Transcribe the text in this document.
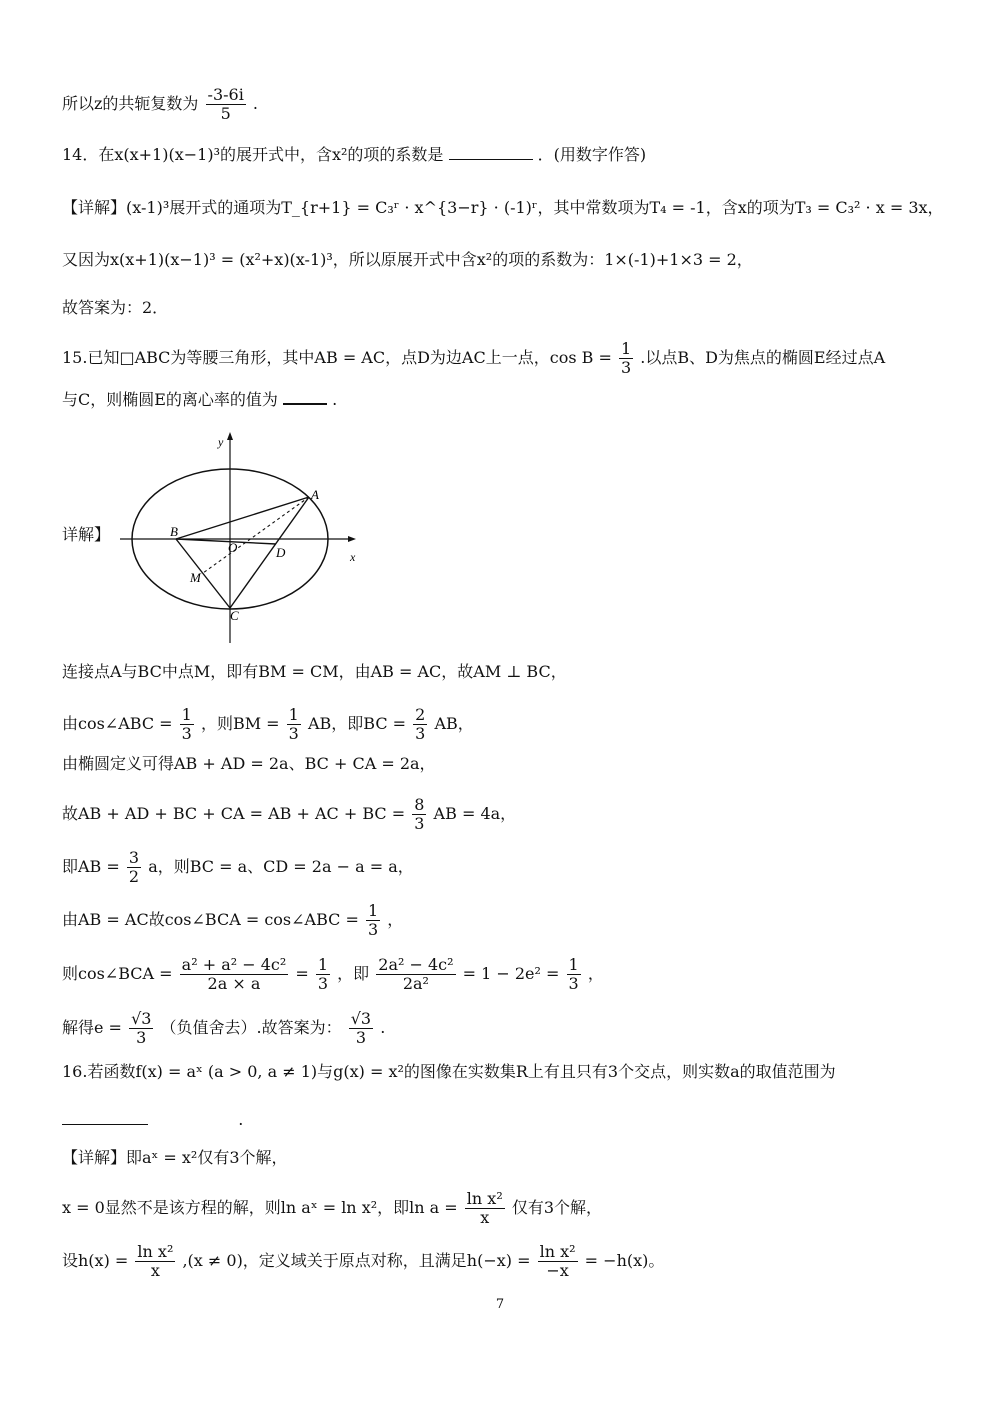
所以z的共轭复数为 $\frac{-3-6i}{5}$ .
14．在x(x+1)(x−1)³的展开式中，含x²的项的系数是	．(用数字作答)
【详解】(x-1)³展开式的通项为T_{r+1} = C₃ʳ · x^{3−r} · (-1)ʳ，其中常数项为T₄ = -1，含x的项为T₃ = C₃² · x = 3x，
又因为x(x+1)(x−1)³ = (x²+x)(x-1)³，所以原展开式中含x²的项的系数为：1×(-1)+1×3 = 2，
故答案为：2．
15.已知□ABC为等腰三角形，其中AB = AC，点D为边AC上一点，$\cos B = \frac{1}{3}$ .以点B、D为焦点的椭圆E经过点A
与C，则椭圆E的离心率的值为	.
详解】
y
x
A
B
O	D
M
C
连接点A与BC中点M，即有BM = CM，由AB = AC，故AM ⊥ BC，
由cos∠ABC = $\frac{1}{3}$ ，则BM = $\frac{1}{3}$ AB，即BC = $\frac{2}{3}$ AB，
由椭圆定义可得AB + AD = 2a、BC + CA = 2a，
故AB + AD + BC + CA = AB + AC + BC = $\frac{8}{3}$ AB = 4a，
即AB = $\frac{3}{2}$ a，则BC = a、CD = 2a − a = a，
由AB = AC故cos∠BCA = cos∠ABC = $\frac{1}{3}$ ，
则cos∠BCA = $\frac{\text{a² + a² − 4c²}}{2a \times a} = \frac{1}{3}$ ，即 $\frac{\text{2a² − 4c²}}{\text{2a²}} = 1 - 2e^2 = \frac{1}{3}$ ，
解得$e = \frac{√3}{3}$ （负值舍去）.故答案为： $\frac{√3}{3}$ .
16.若函数f(x) = aˣ (a > 0, a ≠ 1)与g(x) = x²的图像在实数集R上有且只有3个交点，则实数a的取值范围为
.
【详解】即aˣ = x²仅有3个解，
x = 0显然不是该方程的解，则ln aˣ = ln x²，即$\ln a = \frac{\text{ln x²}}{x}$ 仅有3个解，
设$h(x) = \frac{\text{ln x²}}{x} ,(x \ne 0)$，定义域关于原点对称，且满足$h(-x) = \frac{\text{ln x²}}{-x} = -h(x)$。
7
